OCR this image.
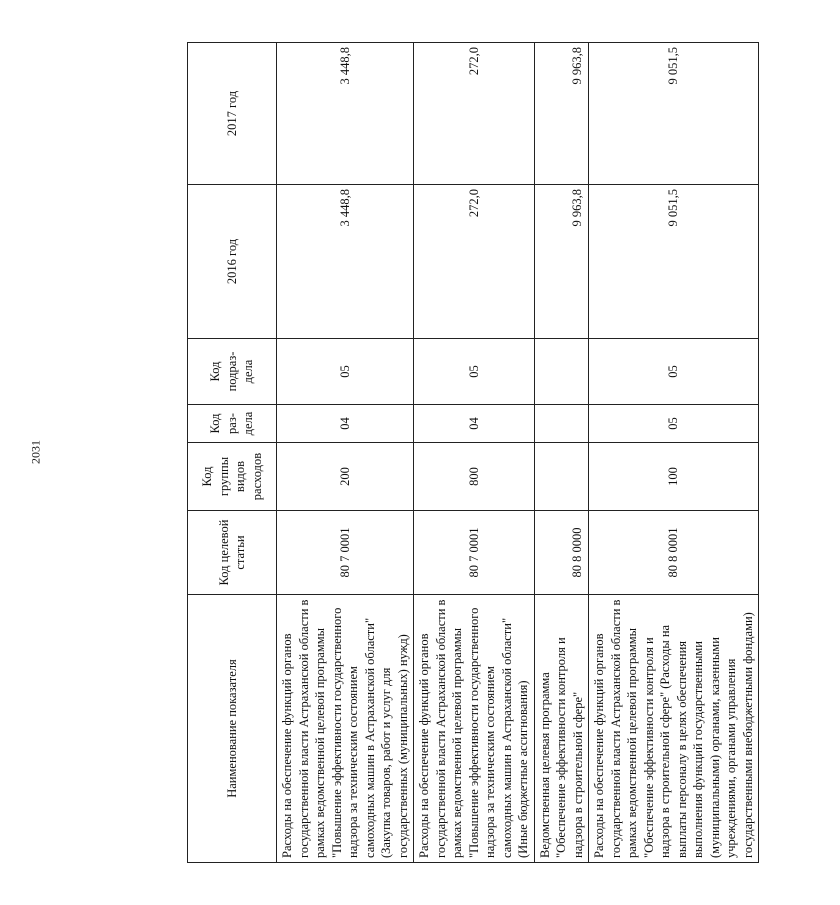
2031
Наименование показателя	Код целевой статьи	Код группы видов расходов	Код раз-дела	Код подраз-дела	2016 год	2017 год
Расходы на обеспечение функций органов государственной власти Астраханской области в рамках ведомственной целевой программы "Повышение эффективности государственного надзора за техническим состоянием самоходных машин в Астраханской области" (Закупка товаров, работ и услуг для государственных (муниципальных) нужд)	80 7 0001	200	04	05	3 448,8	3 448,8
Расходы на обеспечение функций органов государственной власти Астраханской области в рамках ведомственной целевой программы "Повышение эффективности государственного надзора за техническим состоянием самоходных машин в Астраханской области" (Иные бюджетные ассигнования)	80 7 0001	800	04	05	272,0	272,0
Ведомственная целевая программа "Обеспечение эффективности контроля и надзора в строительной сфере"	80 8 0000				9 963,8	9 963,8
Расходы на обеспечение функций органов государственной власти Астраханской области в рамках ведомственной целевой программы "Обеспечение эффективности контроля и надзора в строительной сфере" (Расходы на выплаты персоналу в целях обеспечения выполнения функций государственными (муниципальными) органами, казенными учреждениями, органами управления государственными внебюджетными фондами)	80 8 0001	100	05	05	9 051,5	9 051,5
